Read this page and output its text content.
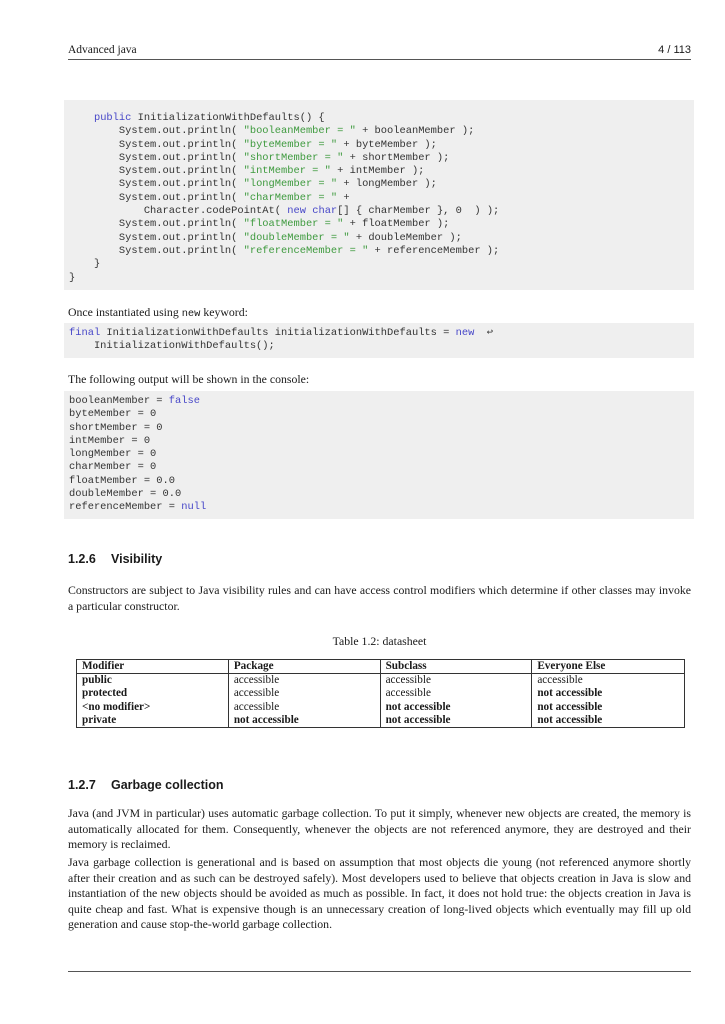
Advanced java	4 / 113
public InitializationWithDefaults() {
System.out.println( "booleanMember = " + booleanMember );
System.out.println( "byteMember = " + byteMember );
System.out.println( "shortMember = " + shortMember );
System.out.println( "intMember = " + intMember );
System.out.println( "longMember = " + longMember );
System.out.println( "charMember = " +
Character.codePointAt( new char[] { charMember }, 0  ) );
System.out.println( "floatMember = " + floatMember );
System.out.println( "doubleMember = " + doubleMember );
System.out.println( "referenceMember = " + referenceMember );
}
}
Once instantiated using new keyword:
final InitializationWithDefaults initializationWithDefaults = new  ↩
InitializationWithDefaults();
The following output will be shown in the console:
booleanMember = false
byteMember = 0
shortMember = 0
intMember = 0
longMember = 0
charMember = 0
floatMember = 0.0
doubleMember = 0.0
referenceMember = null
1.2.6 Visibility
Constructors are subject to Java visibility rules and can have access control modifiers which determine if other classes may invoke a particular constructor.
Table 1.2: datasheet
Modifier	Package	Subclass	Everyone Else
public	accessible	accessible	accessible
protected	accessible	accessible	not accessible
<no modifier>	accessible	not accessible	not accessible
private	not accessible	not accessible	not accessible
1.2.7 Garbage collection
Java (and JVM in particular) uses automatic garbage collection. To put it simply, whenever new objects are created, the memory is automatically allocated for them. Consequently, whenever the objects are not referenced anymore, they are destroyed and their memory is reclaimed.
Java garbage collection is generational and is based on assumption that most objects die young (not referenced anymore shortly after their creation and as such can be destroyed safely). Most developers used to believe that objects creation in Java is slow and instantiation of the new objects should be avoided as much as possible. In fact, it does not hold true: the objects creation in Java is quite cheap and fast. What is expensive though is an unnecessary creation of long-lived objects which eventually may fill up old generation and cause stop-the-world garbage collection.
